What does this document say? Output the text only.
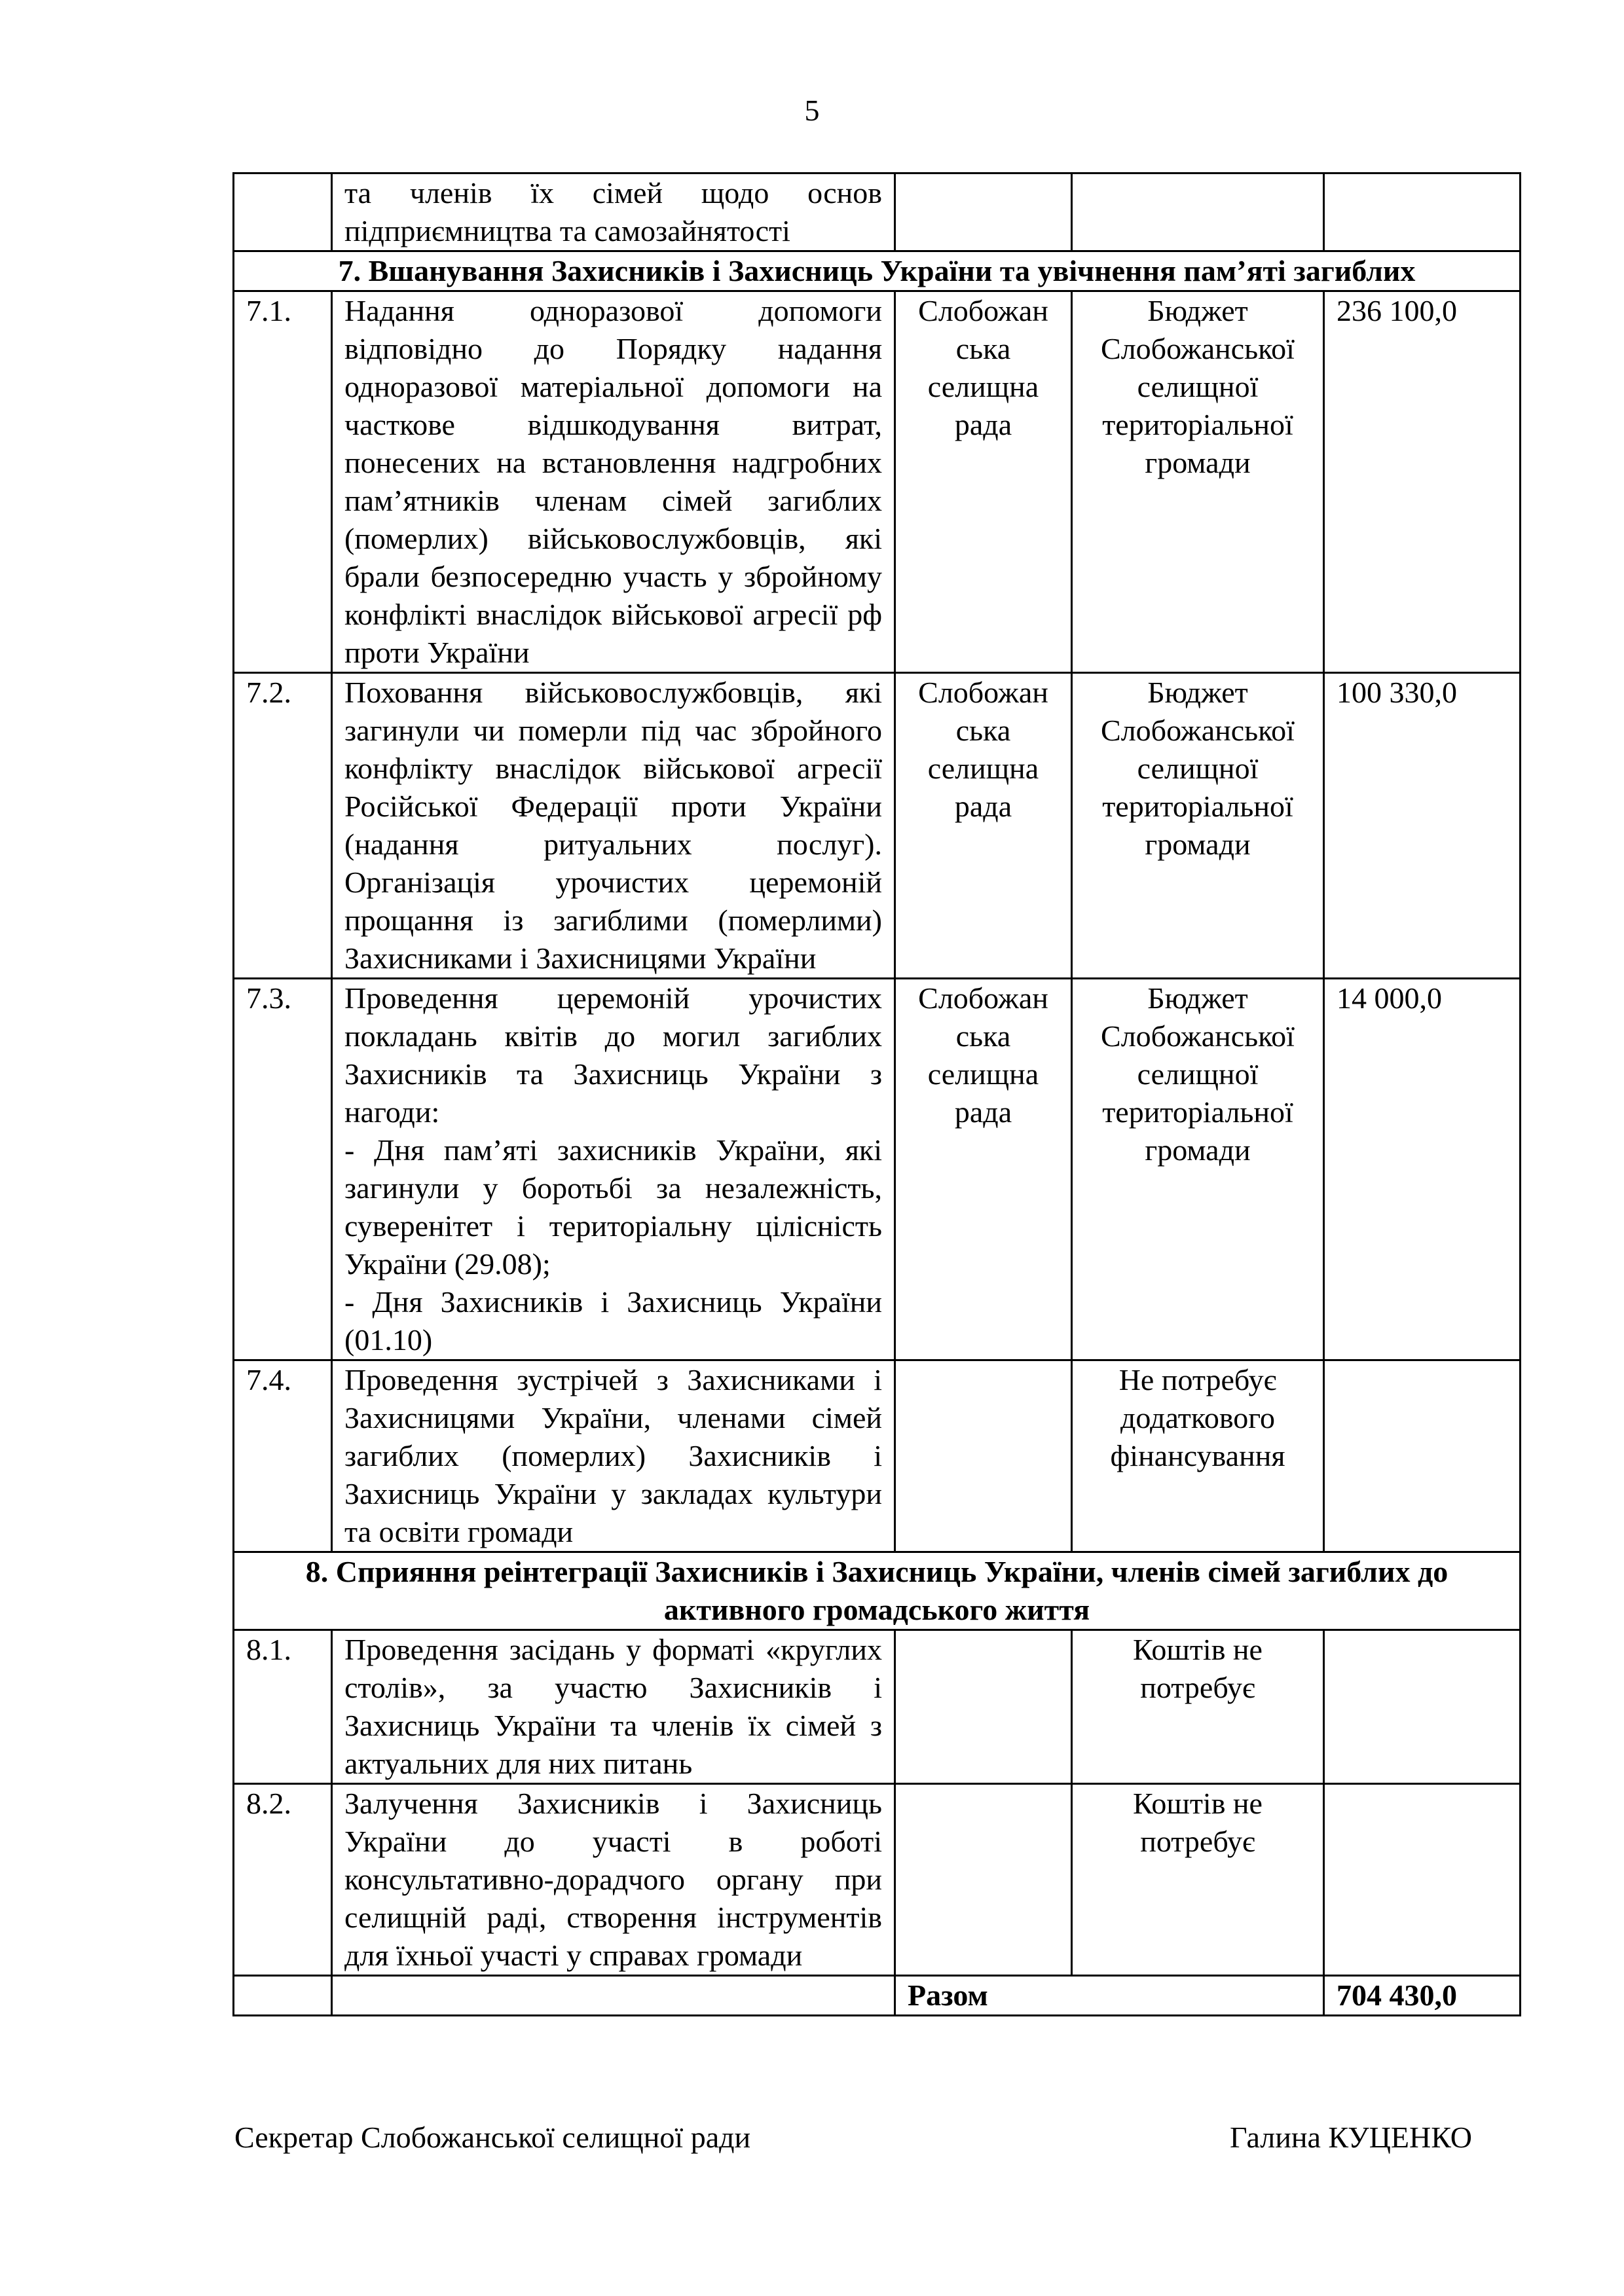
5
	та членів їх сімей щодо основ підприємництва та самозайнятості			
7. Вшанування Захисників і Захисниць України та увічнення пам’яті загиблих				
7.1.	Надання одноразової допомоги відповідно до Порядку надання одноразової матеріальної допомоги на часткове відшкодування витрат, понесених на встановлення надгробних пам’ятників членам сімей загиблих (померлих) військовослужбовців, які брали безпосередню участь у збройному конфлікті внаслідок військової агресії рф проти України	Слобожан ська селищна рада	Бюджет Слобожанської селищної територіальної громади	236 100,0
7.2.	Поховання військовослужбовців, які загинули чи померли під час збройного конфлікту внаслідок військової агресії Російської Федерації проти України (надання ритуальних послуг). Організація урочистих церемоній прощання із загиблими (померлими) Захисниками і Захисницями України	Слобожан ська селищна рада	Бюджет Слобожанської селищної територіальної громади	100 330,0
7.3.	Проведення церемоній урочистих покладань квітів до могил загиблих Захисників та Захисниць України з нагоди:
- Дня пам’яті захисників України, які загинули у боротьбі за незалежність, суверенітет і територіальну цілісність України (29.08);
- Дня Захисників і Захисниць України (01.10)	Слобожан ська селищна рада	Бюджет Слобожанської селищної територіальної громади	14 000,0
7.4.	Проведення зустрічей з Захисниками і Захисницями України, членами сімей загиблих (померлих) Захисників і Захисниць України у закладах культури та освіти громади		Не потребує додаткового фінансування	
8. Сприяння реінтеграції Захисників і Захисниць України, членів сімей загиблих до активного громадського життя				
8.1.	Проведення засідань у форматі «круглих столів», за участю Захисників і Захисниць України та членів їх сімей з актуальних для них питань		Коштів не потребує	
8.2.	Залучення Захисників і Захисниць України до участі в роботі консультативно-дорадчого органу при селищній раді, створення інструментів для їхньої участі у справах громади		Коштів не потребує	
		Разом		704 430,0
Секретар Слобожанської селищної ради	Галина КУЦЕНКО
